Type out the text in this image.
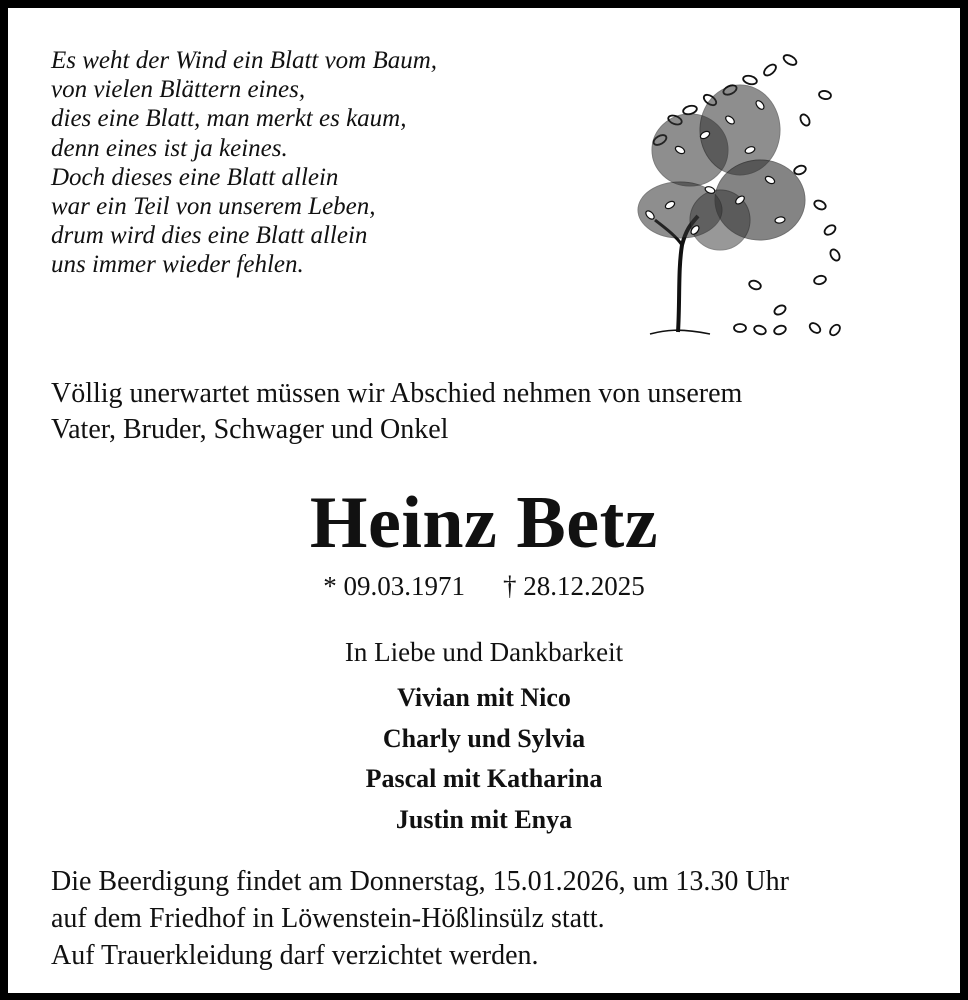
Es weht der Wind ein Blatt vom Baum,
von vielen Blättern eines,
dies eine Blatt, man merkt es kaum,
denn eines ist ja keines.
Doch dieses eine Blatt allein
war ein Teil von unserem Leben,
drum wird dies eine Blatt allein
uns immer wieder fehlen.
Völlig unerwartet müssen wir Abschied nehmen von unserem
Vater, Bruder, Schwager und Onkel
Heinz Betz
* 09.03.1971 † 28.12.2025
In Liebe und Dankbarkeit
Vivian mit Nico
Charly und Sylvia
Pascal mit Katharina
Justin mit Enya
Die Beerdigung findet am Donnerstag, 15.01.2026, um 13.30 Uhr
auf dem Friedhof in Löwenstein-Hößlinsülz statt.
Auf Trauerkleidung darf verzichtet werden.
